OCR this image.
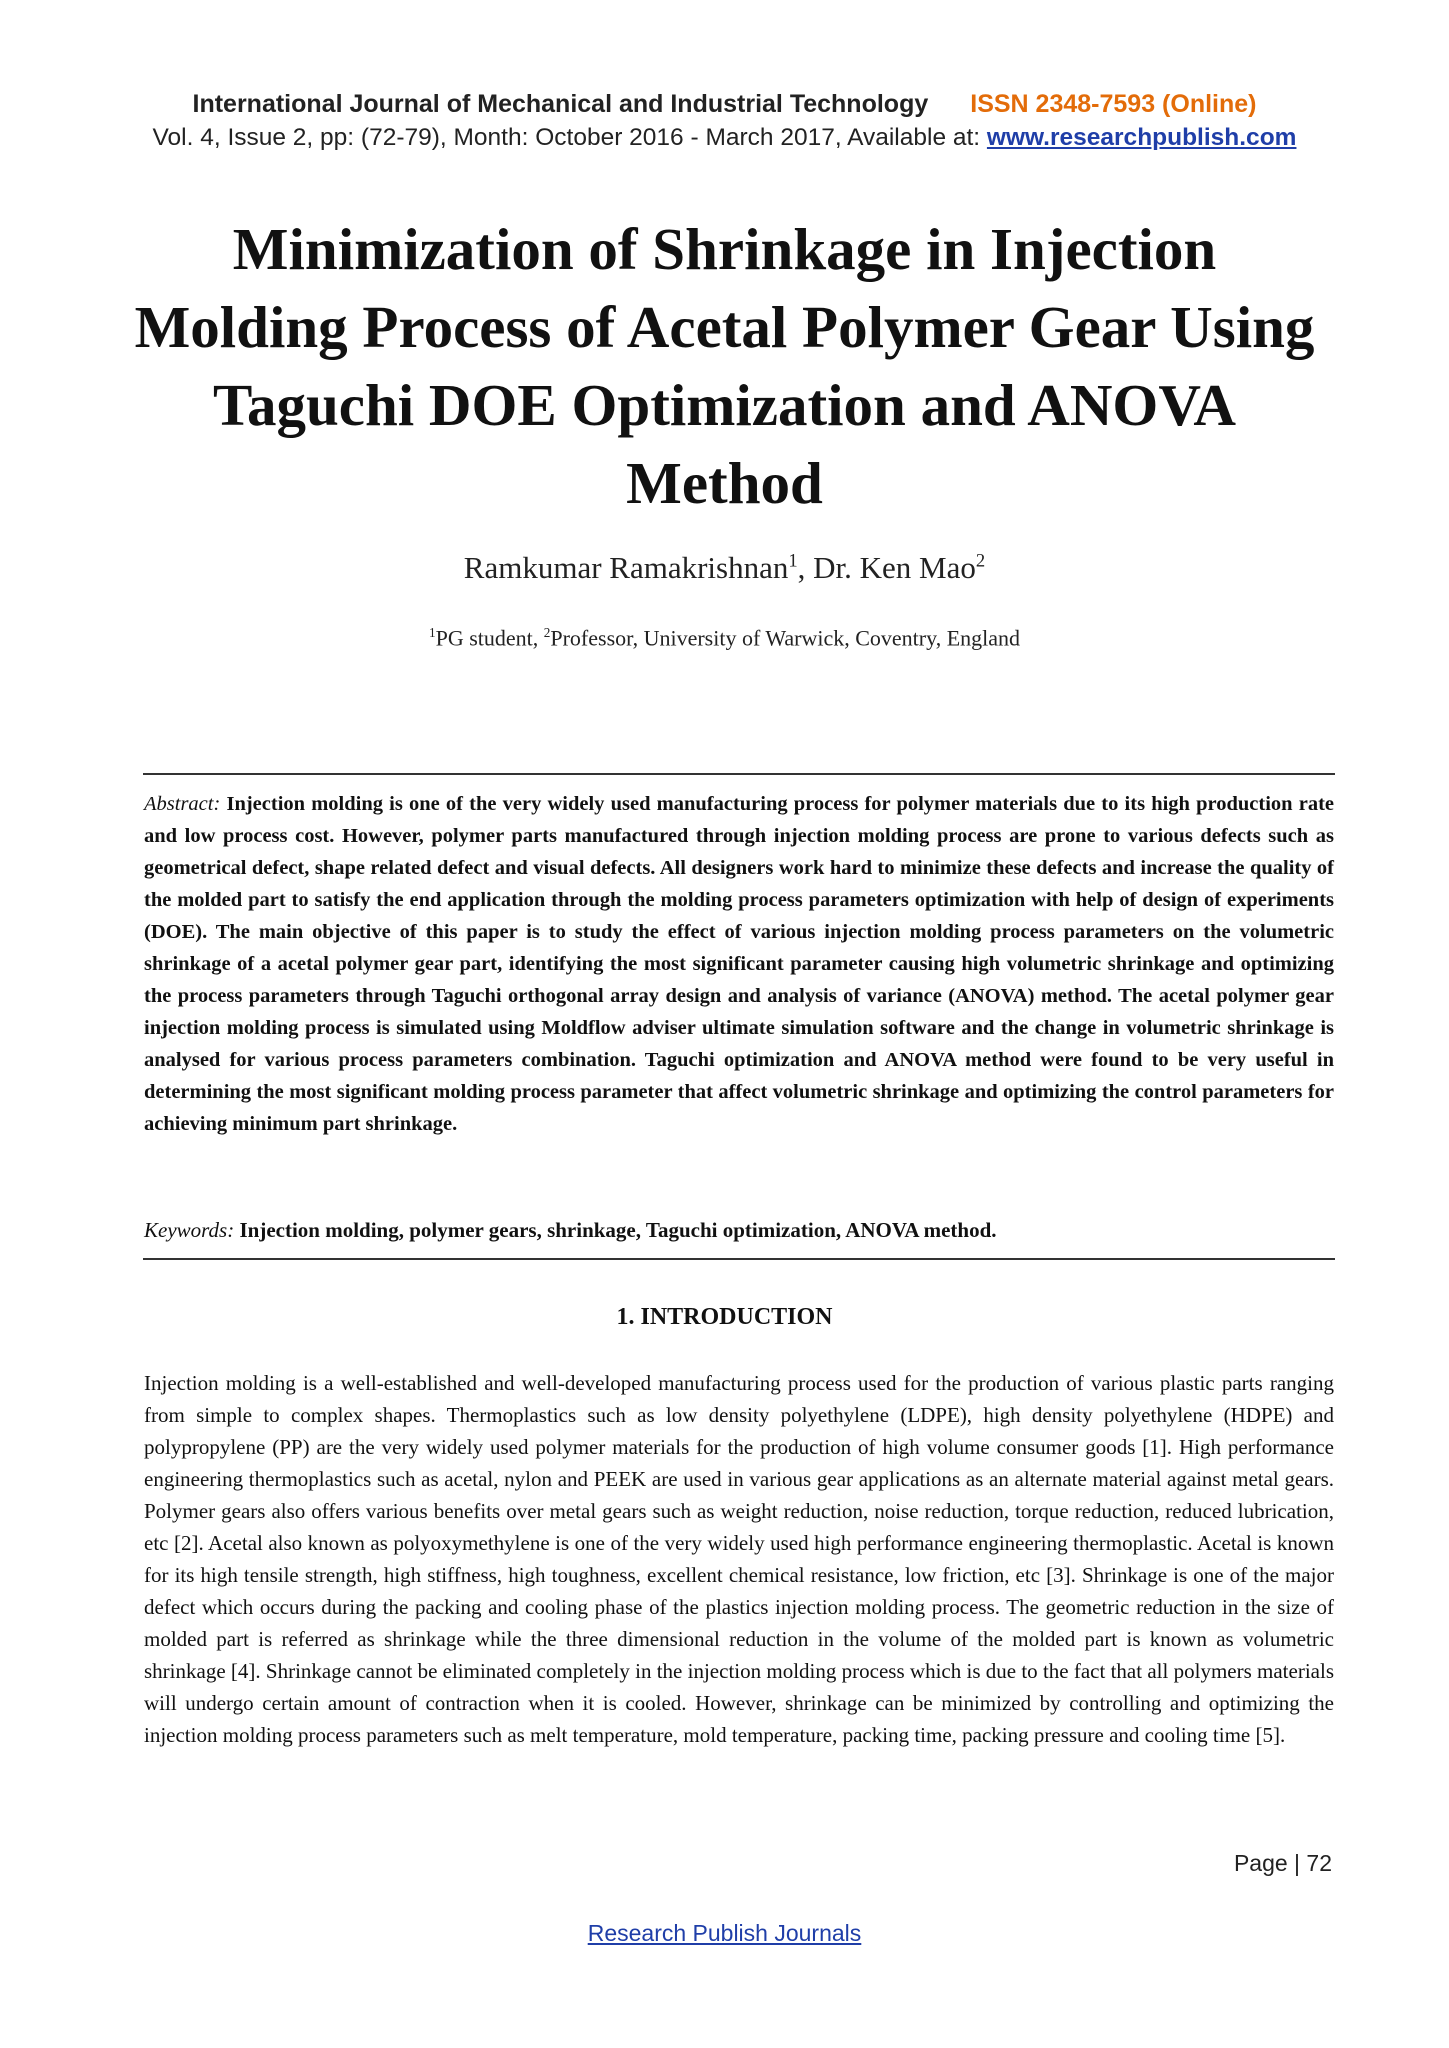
International Journal of Mechanical and Industrial Technology ISSN 2348-7593 (Online)
Vol. 4, Issue 2, pp: (72-79), Month: October 2016 - March 2017, Available at: www.researchpublish.com
Minimization of Shrinkage in Injection Molding Process of Acetal Polymer Gear Using Taguchi DOE Optimization and ANOVA Method
Ramkumar Ramakrishnan$^1$, Dr. Ken Mao$^2$
$^1$PG student, $^2$Professor, University of Warwick, Coventry, England
Abstract: Injection molding is one of the very widely used manufacturing process for polymer materials due to its high production rate and low process cost. However, polymer parts manufactured through injection molding process are prone to various defects such as geometrical defect, shape related defect and visual defects. All designers work hard to minimize these defects and increase the quality of the molded part to satisfy the end application through the molding process parameters optimization with help of design of experiments (DOE). The main objective of this paper is to study the effect of various injection molding process parameters on the volumetric shrinkage of a acetal polymer gear part, identifying the most significant parameter causing high volumetric shrinkage and optimizing the process parameters through Taguchi orthogonal array design and analysis of variance (ANOVA) method. The acetal polymer gear injection molding process is simulated using Moldflow adviser ultimate simulation software and the change in volumetric shrinkage is analysed for various process parameters combination. Taguchi optimization and ANOVA method were found to be very useful in determining the most significant molding process parameter that affect volumetric shrinkage and optimizing the control parameters for achieving minimum part shrinkage.
Keywords: Injection molding, polymer gears, shrinkage, Taguchi optimization, ANOVA method.
1. INTRODUCTION
Injection molding is a well-established and well-developed manufacturing process used for the production of various plastic parts ranging from simple to complex shapes. Thermoplastics such as low density polyethylene (LDPE), high density polyethylene (HDPE) and polypropylene (PP) are the very widely used polymer materials for the production of high volume consumer goods [1]. High performance engineering thermoplastics such as acetal, nylon and PEEK are used in various gear applications as an alternate material against metal gears. Polymer gears also offers various benefits over metal gears such as weight reduction, noise reduction, torque reduction, reduced lubrication, etc [2]. Acetal also known as polyoxymethylene is one of the very widely used high performance engineering thermoplastic. Acetal is known for its high tensile strength, high stiffness, high toughness, excellent chemical resistance, low friction, etc [3]. Shrinkage is one of the major defect which occurs during the packing and cooling phase of the plastics injection molding process. The geometric reduction in the size of molded part is referred as shrinkage while the three dimensional reduction in the volume of the molded part is known as volumetric shrinkage [4]. Shrinkage cannot be eliminated completely in the injection molding process which is due to the fact that all polymers materials will undergo certain amount of contraction when it is cooled. However, shrinkage can be minimized by controlling and optimizing the injection molding process parameters such as melt temperature, mold temperature, packing time, packing pressure and cooling time [5].
Page | 72
Research Publish Journals
